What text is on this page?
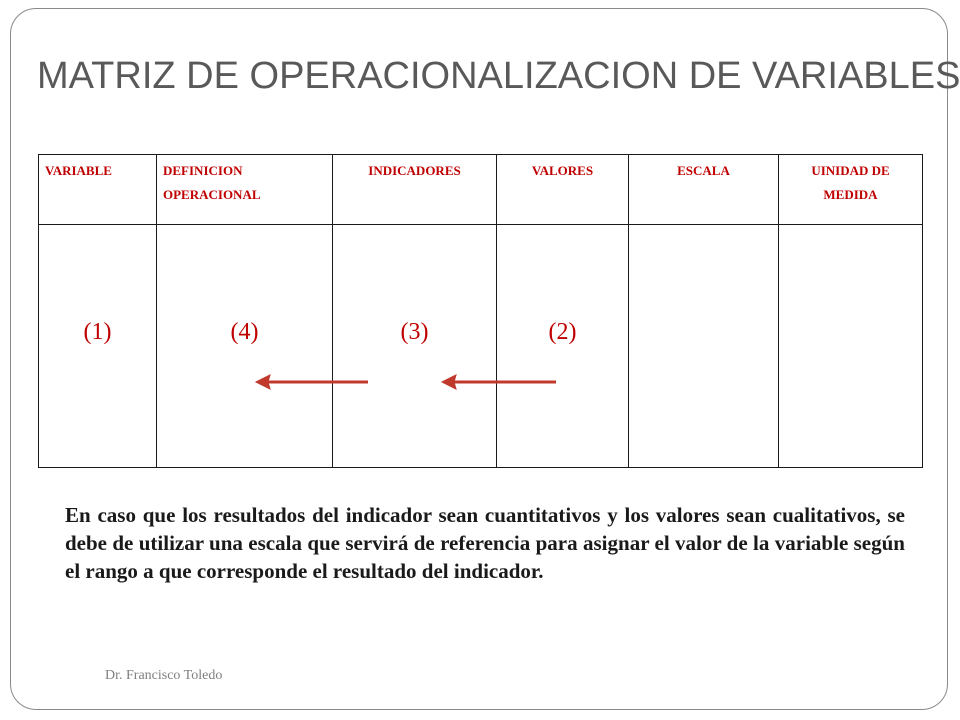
MATRIZ DE OPERACIONALIZACION DE VARIABLES
VARIABLE	DEFINICION OPERACIONAL	INDICADORES	VALORES	ESCALA	UINIDAD DE MEDIDA

(1)	(4)	(3)	(2)		

En caso que los resultados del indicador sean cuantitativos y los valores sean cualitativos, se debe de utilizar una escala que servirá de referencia para asignar el valor de la variable según el rango a que corresponde el resultado del indicador.

Dr. Francisco Toledo
